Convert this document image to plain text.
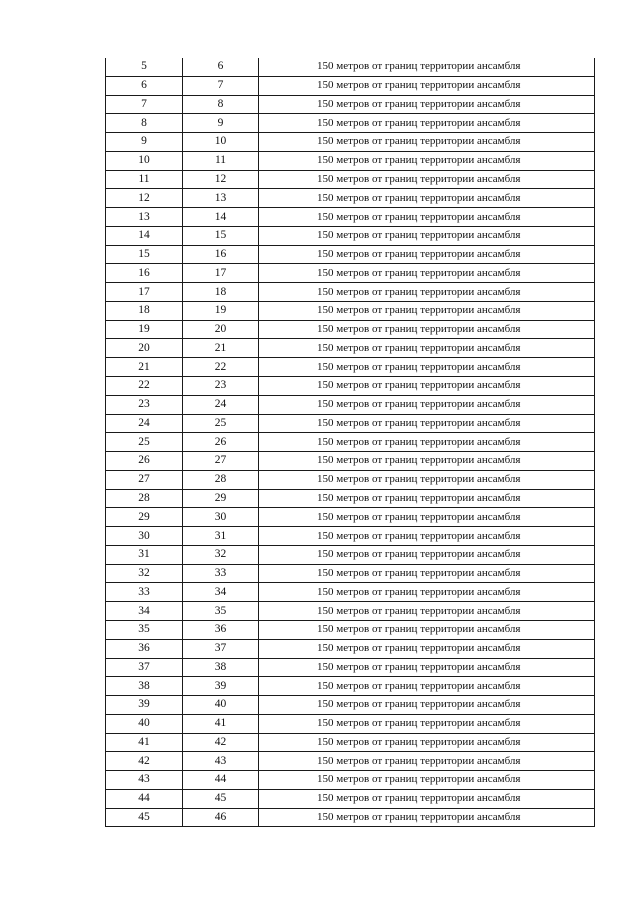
5	6	150 метров от границ территории ансамбля
6	7	150 метров от границ территории ансамбля
7	8	150 метров от границ территории ансамбля
8	9	150 метров от границ территории ансамбля
9	10	150 метров от границ территории ансамбля
10	11	150 метров от границ территории ансамбля
11	12	150 метров от границ территории ансамбля
12	13	150 метров от границ территории ансамбля
13	14	150 метров от границ территории ансамбля
14	15	150 метров от границ территории ансамбля
15	16	150 метров от границ территории ансамбля
16	17	150 метров от границ территории ансамбля
17	18	150 метров от границ территории ансамбля
18	19	150 метров от границ территории ансамбля
19	20	150 метров от границ территории ансамбля
20	21	150 метров от границ территории ансамбля
21	22	150 метров от границ территории ансамбля
22	23	150 метров от границ территории ансамбля
23	24	150 метров от границ территории ансамбля
24	25	150 метров от границ территории ансамбля
25	26	150 метров от границ территории ансамбля
26	27	150 метров от границ территории ансамбля
27	28	150 метров от границ территории ансамбля
28	29	150 метров от границ территории ансамбля
29	30	150 метров от границ территории ансамбля
30	31	150 метров от границ территории ансамбля
31	32	150 метров от границ территории ансамбля
32	33	150 метров от границ территории ансамбля
33	34	150 метров от границ территории ансамбля
34	35	150 метров от границ территории ансамбля
35	36	150 метров от границ территории ансамбля
36	37	150 метров от границ территории ансамбля
37	38	150 метров от границ территории ансамбля
38	39	150 метров от границ территории ансамбля
39	40	150 метров от границ территории ансамбля
40	41	150 метров от границ территории ансамбля
41	42	150 метров от границ территории ансамбля
42	43	150 метров от границ территории ансамбля
43	44	150 метров от границ территории ансамбля
44	45	150 метров от границ территории ансамбля
45	46	150 метров от границ территории ансамбля
